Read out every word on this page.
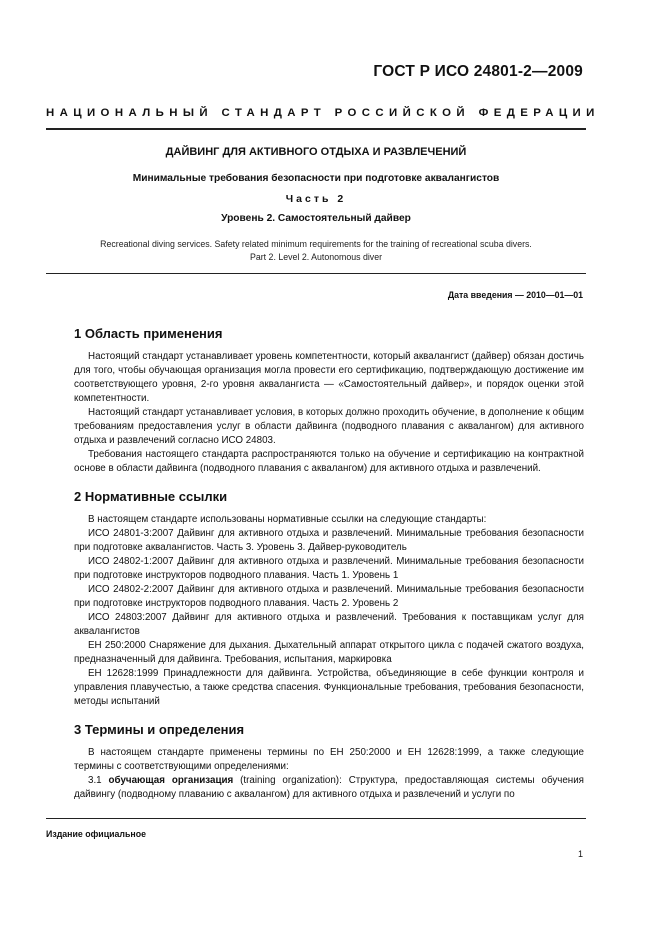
ГОСТ Р ИСО 24801-2—2009
НАЦИОНАЛЬНЫЙ СТАНДАРТ РОССИЙСКОЙ ФЕДЕРАЦИИ
ДАЙВИНГ ДЛЯ АКТИВНОГО ОТДЫХА И РАЗВЛЕЧЕНИЙ
Минимальные требования безопасности при подготовке аквалангистов
Часть 2
Уровень 2. Самостоятельный дайвер
Recreational diving services. Safety related minimum requirements for the training of recreational scuba divers.
Part 2. Level 2. Autonomous diver
Дата введения — 2010—01—01
1 Область применения

Настоящий стандарт устанавливает уровень компетентности, который аквалангист (дайвер) обязан достичь для того, чтобы обучающая организация могла провести его сертификацию, подтверждающую достижение им соответствующего уровня, 2-го уровня аквалангиста — «Самостоятельный дайвер», и порядок оценки этой компетентности.

Настоящий стандарт устанавливает условия, в которых должно проходить обучение, в дополнение к общим требованиям предоставления услуг в области дайвинга (подводного плавания с аквалангом) для активного отдыха и развлечений согласно ИСО 24803.

Требования настоящего стандарта распространяются только на обучение и сертификацию на контрактной основе в области дайвинга (подводного плавания с аквалангом) для активного отдыха и развлечений.

2 Нормативные ссылки

В настоящем стандарте использованы нормативные ссылки на следующие стандарты:

ИСО 24801-3:2007 Дайвинг для активного отдыха и развлечений. Минимальные требования безопасности при подготовке аквалангистов. Часть 3. Уровень 3. Дайвер-руководитель

ИСО 24802-1:2007 Дайвинг для активного отдыха и развлечений. Минимальные требования безопасности при подготовке инструкторов подводного плавания. Часть 1. Уровень 1

ИСО 24802-2:2007 Дайвинг для активного отдыха и развлечений. Минимальные требования безопасности при подготовке инструкторов подводного плавания. Часть 2. Уровень 2

ИСО 24803:2007 Дайвинг для активного отдыха и развлечений. Требования к поставщикам услуг для аквалангистов

ЕН 250:2000 Снаряжение для дыхания. Дыхательный аппарат открытого цикла с подачей сжатого воздуха, предназначенный для дайвинга. Требования, испытания, маркировка

ЕН 12628:1999 Принадлежности для дайвинга. Устройства, объединяющие в себе функции контроля и управления плавучестью, а также средства спасения. Функциональные требования, требования безопасности, методы испытаний

3 Термины и определения

В настоящем стандарте применены термины по ЕН 250:2000 и ЕН 12628:1999, а также следующие термины с соответствующими определениями:

3.1 обучающая организация (training organization): Структура, предоставляющая системы обучения дайвингу (подводному плаванию с аквалангом) для активного отдыха и развлечений и услуги по

Издание официальное
1
